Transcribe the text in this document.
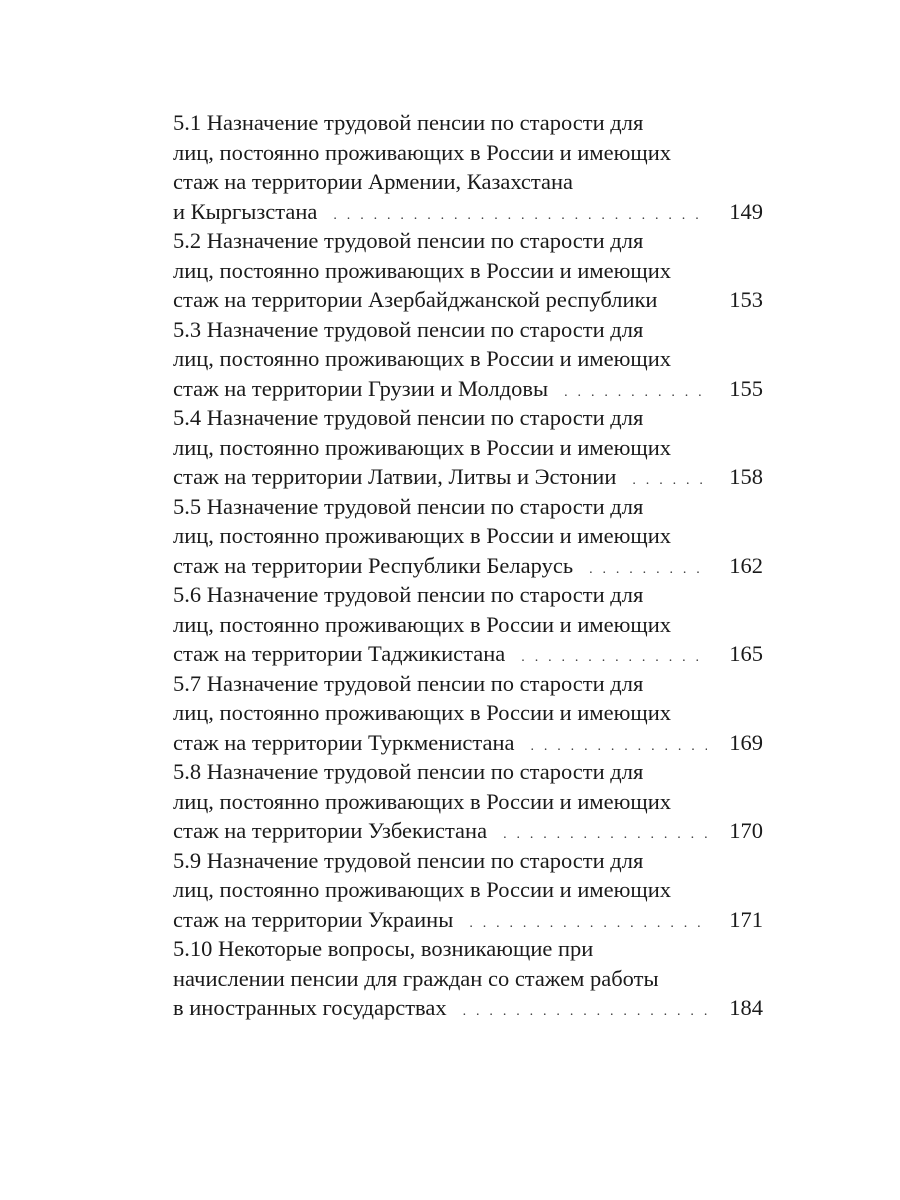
5.1 Назначение трудовой пенсии по старости для
лиц, постоянно проживающих в России и имеющих
стаж на территории Армении, Казахстана
и Кыргызстана . . .	149
5.2 Назначение трудовой пенсии по старости для
лиц, постоянно проживающих в России и имеющих
стаж на территории Азербайджанской республики	153
5.3 Назначение трудовой пенсии по старости для
лиц, постоянно проживающих в России и имеющих
стаж на территории Грузии и Молдовы . . .	155
5.4 Назначение трудовой пенсии по старости для
лиц, постоянно проживающих в России и имеющих
стаж на территории Латвии, Литвы и Эстонии . . .	158
5.5 Назначение трудовой пенсии по старости для
лиц, постоянно проживающих в России и имеющих
стаж на территории Республики Беларусь . . .	162
5.6 Назначение трудовой пенсии по старости для
лиц, постоянно проживающих в России и имеющих
стаж на территории Таджикистана . . .	165
5.7 Назначение трудовой пенсии по старости для
лиц, постоянно проживающих в России и имеющих
стаж на территории Туркменистана . . .	169
5.8 Назначение трудовой пенсии по старости для
лиц, постоянно проживающих в России и имеющих
стаж на территории Узбекистана . . .	170
5.9 Назначение трудовой пенсии по старости для
лиц, постоянно проживающих в России и имеющих
стаж на территории Украины . . .	171
5.10 Некоторые вопросы, возникающие при
начислении пенсии для граждан со стажем работы
в иностранных государствах . . .	184
